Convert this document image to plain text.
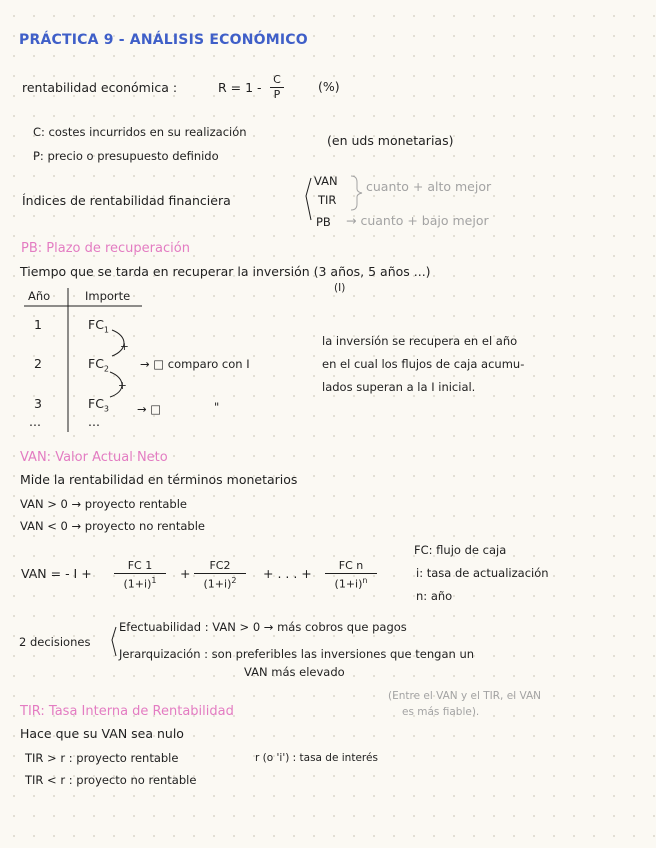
PRÁCTICA 9 - ANÁLISIS ECONÓMICO
rentabilidad económica :	$R = 1 - \frac{C}{P}$	(%)
C: costes incurridos en su realización
P: precio o presupuesto definido
(en uds monetarias)
Índices de rentabilidad financiera
VAN
TIR
PB
cuanto + alto mejor
→ cuanto + bajo mejor
PB: Plazo de recuperación
Tiempo que se tarda en recuperar la inversión (3 años, 5 años ...)
(I)
Año	Importe
1	$FC_1$
2	$FC_2$
3	$FC_3$
...	...
+
+
→ □ comparo con I
→ □	"
la inversión se recupera en el año
en el cual los flujos de caja acumu-
lados superan a la I inicial.
VAN: Valor Actual Neto
Mide la rentabilidad en términos monetarios
VAN > 0 → proyecto rentable
VAN < 0 → proyecto no rentable
VAN = - $I + \frac{FC 1}{(1+i)^1} + \frac{FC2}{(1+i)^2}$ + . . . + $\frac{\text{FC n}}{(1+i)^n}$
FC: flujo de caja
i: tasa de actualización
n: año
2 decisiones
Efectuabilidad : VAN > 0 → más cobros que pagos
Jerarquización : son preferibles las inversiones que tengan un
VAN más elevado
(Entre el VAN y el TIR, el VAN
es más fiable).
TIR: Tasa Interna de Rentabilidad
Hace que su VAN sea nulo
TIR > r : proyecto rentable	r (o 'i') : tasa de interés
TIR < r : proyecto no rentable
